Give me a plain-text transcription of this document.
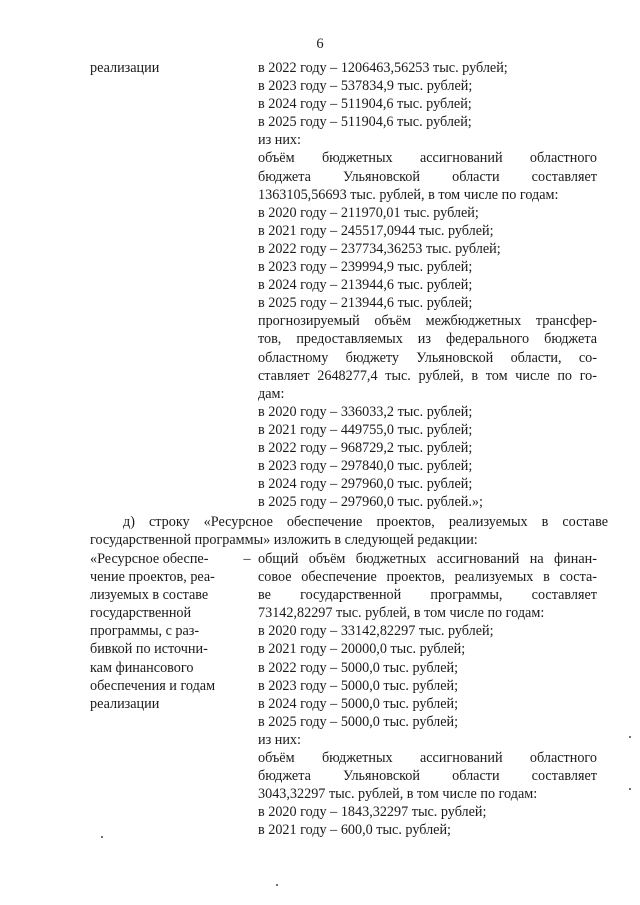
6
реализации	в 2022 году – 1206463,56253 тыс. рублей;
в 2023 году – 537834,9 тыс. рублей;
в 2024 году – 511904,6 тыс. рублей;
в 2025 году – 511904,6 тыс. рублей;
из них:
объём бюджетных ассигнований областного
бюджета Ульяновской области составляет
1363105,56693 тыс. рублей, в том числе по годам:
в 2020 году – 211970,01 тыс. рублей;
в 2021 году – 245517,0944 тыс. рублей;
в 2022 году – 237734,36253 тыс. рублей;
в 2023 году – 239994,9 тыс. рублей;
в 2024 году – 213944,6 тыс. рублей;
в 2025 году – 213944,6 тыс. рублей;
прогнозируемый объём межбюджетных трансфер-
тов, предоставляемых из федерального бюджета
областному бюджету Ульяновской области, со-
ставляет 2648277,4 тыс. рублей, в том числе по го-
дам:
в 2020 году – 336033,2 тыс. рублей;
в 2021 году – 449755,0 тыс. рублей;
в 2022 году – 968729,2 тыс. рублей;
в 2023 году – 297840,0 тыс. рублей;
в 2024 году – 297960,0 тыс. рублей;
в 2025 году – 297960,0 тыс. рублей.»;
д) строку «Ресурсное обеспечение проектов, реализуемых в составе
государственной программы» изложить в следующей редакции:
«Ресурсное обеспе-
чение проектов, реа-
лизуемых в составе
государственной
программы, с раз-
бивкой по источни-
кам финансового
обеспечения и годам
реализации
– общий объём бюджетных ассигнований на финан-
совое обеспечение проектов, реализуемых в соста-
ве государственной программы, составляет
73142,82297 тыс. рублей, в том числе по годам:
в 2020 году – 33142,82297 тыс. рублей;
в 2021 году – 20000,0 тыс. рублей;
в 2022 году – 5000,0 тыс. рублей;
в 2023 году – 5000,0 тыс. рублей;
в 2024 году – 5000,0 тыс. рублей;
в 2025 году – 5000,0 тыс. рублей;
из них:
объём бюджетных ассигнований областного
бюджета Ульяновской области составляет
3043,32297 тыс. рублей, в том числе по годам:
в 2020 году – 1843,32297 тыс. рублей;
в 2021 году – 600,0 тыс. рублей;
